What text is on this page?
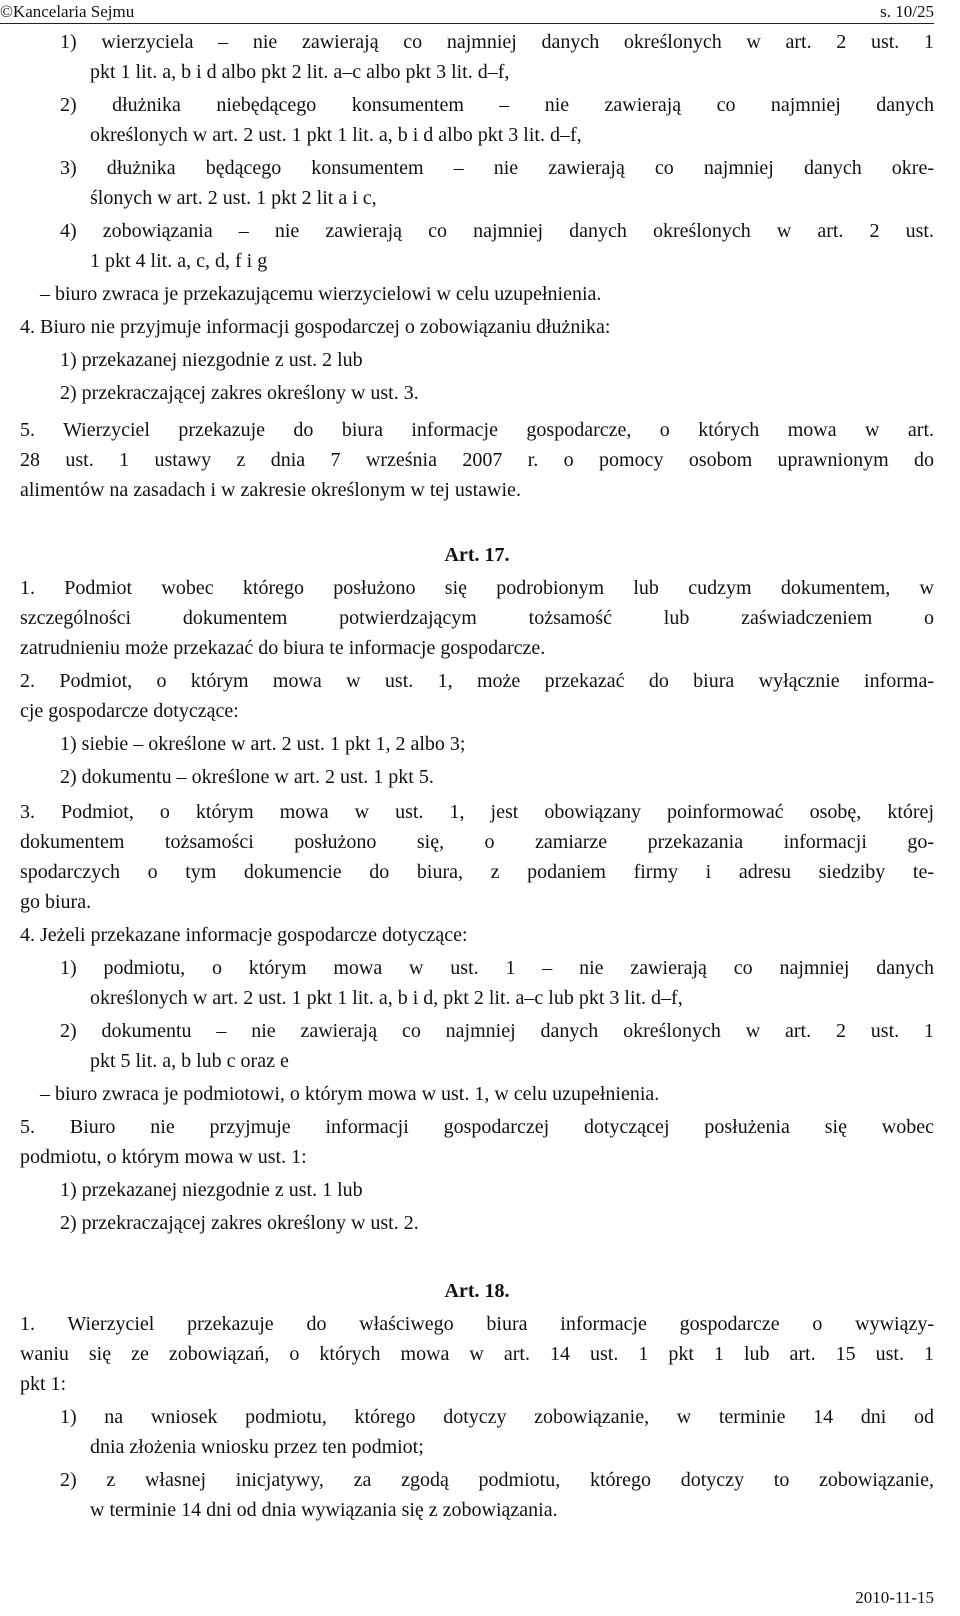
©Kancelaria Sejmu	s. 10/25
1) wierzyciela – nie zawierają co najmniej danych określonych w art. 2 ust. 1
pkt 1 lit. a, b i d albo pkt 2 lit. a–c albo pkt 3 lit. d–f,
2) dłużnika niebędącego konsumentem – nie zawierają co najmniej danych
określonych w art. 2 ust. 1 pkt 1 lit. a, b i d albo pkt 3 lit. d–f,
3) dłużnika będącego konsumentem – nie zawierają co najmniej danych okre-
ślonych w art. 2 ust. 1 pkt 2 lit a i c,
4) zobowiązania – nie zawierają co najmniej danych określonych w art. 2 ust.
1 pkt 4 lit. a, c, d, f i g
– biuro zwraca je przekazującemu wierzycielowi w celu uzupełnienia.
4. Biuro nie przyjmuje informacji gospodarczej o zobowiązaniu dłużnika:
1) przekazanej niezgodnie z ust. 2 lub
2) przekraczającej zakres określony w ust. 3.
5. Wierzyciel przekazuje do biura informacje gospodarcze, o których mowa w art.
28 ust. 1 ustawy z dnia 7 września 2007 r. o pomocy osobom uprawnionym do
alimentów na zasadach i w zakresie określonym w tej ustawie.
1. Podmiot wobec którego posłużono się podrobionym lub cudzym dokumentem, w
szczególności dokumentem potwierdzającym tożsamość lub zaświadczeniem o
zatrudnieniu może przekazać do biura te informacje gospodarcze.
2. Podmiot, o którym mowa w ust. 1, może przekazać do biura wyłącznie informa-
cje gospodarcze dotyczące:
1) siebie – określone w art. 2 ust. 1 pkt 1, 2 albo 3;
2) dokumentu – określone w art. 2 ust. 1 pkt 5.
3. Podmiot, o którym mowa w ust. 1, jest obowiązany poinformować osobę, której
dokumentem tożsamości posłużono się, o zamiarze przekazania informacji go-
spodarczych o tym dokumencie do biura, z podaniem firmy i adresu siedziby te-
go biura.
4. Jeżeli przekazane informacje gospodarcze dotyczące:
1) podmiotu, o którym mowa w ust. 1 – nie zawierają co najmniej danych
określonych w art. 2 ust. 1 pkt 1 lit. a, b i d, pkt 2 lit. a–c lub pkt 3 lit. d–f,
2) dokumentu – nie zawierają co najmniej danych określonych w art. 2 ust. 1
pkt 5 lit. a, b lub c oraz e
– biuro zwraca je podmiotowi, o którym mowa w ust. 1, w celu uzupełnienia.
5. Biuro nie przyjmuje informacji gospodarczej dotyczącej posłużenia się wobec
podmiotu, o którym mowa w ust. 1:
1) przekazanej niezgodnie z ust. 1 lub
2) przekraczającej zakres określony w ust. 2.
1. Wierzyciel przekazuje do właściwego biura informacje gospodarcze o wywiązy-
waniu się ze zobowiązań, o których mowa w art. 14 ust. 1 pkt 1 lub art. 15 ust. 1
pkt 1:
1) na wniosek podmiotu, którego dotyczy zobowiązanie, w terminie 14 dni od
dnia złożenia wniosku przez ten podmiot;
2) z własnej inicjatywy, za zgodą podmiotu, którego dotyczy to zobowiązanie,
w terminie 14 dni od dnia wywiązania się z zobowiązania.
Art. 17.
Art. 18.
2010-11-15
